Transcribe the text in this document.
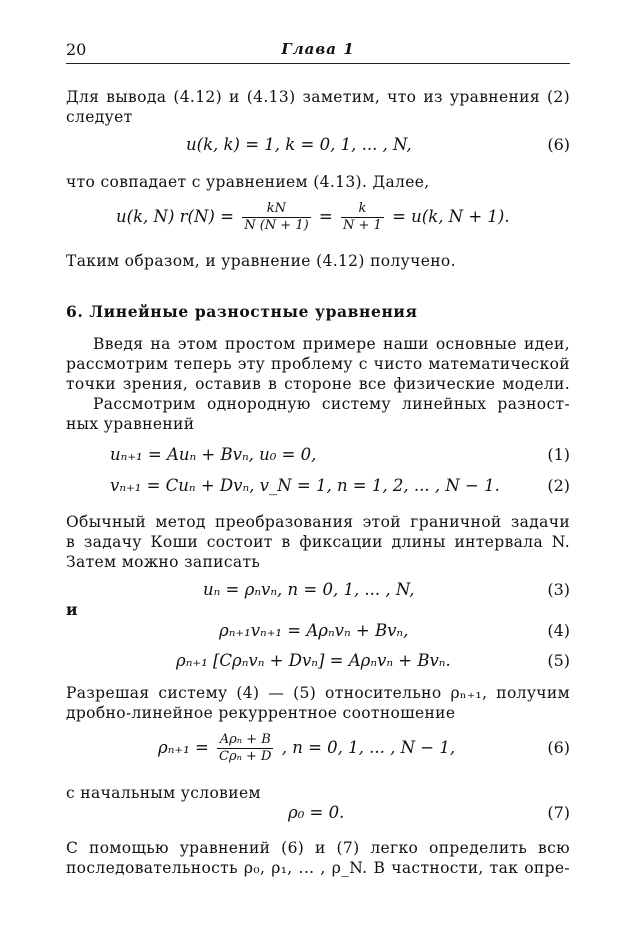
20	Глава 1
Для вывода (4.12) и (4.13) заметим, что из уравнения (2)
следует
u(k, k) = 1, k = 0, 1, ... , N,	(6)
что совпадает с уравнением (4.13). Далее,
u(k, N) $r(N) = \frac{kN}{N (N + 1)} = \frac{k}{N + 1} = u(k$, N + 1).
Таким образом, и уравнение (4.12) получено.
6. Линейные разностные уравнения
Введя на этом простом примере наши основные идеи,
рассмотрим теперь эту проблему с чисто математической
точки зрения, оставив в стороне все физические модели.
Рассмотрим однородную систему линейных разност-
ных уравнений
uₙ₊₁ = Auₙ + Bvₙ, u₀ = 0,	(1)
vₙ₊₁ = Cuₙ + Dvₙ, v_N = 1, n = 1, 2, ... , N − 1.	(2)
Обычный метод преобразования этой граничной задачи
в задачу Коши состоит в фиксации длины интервала N.
Затем можно записать
uₙ = ρₙvₙ, n = 0, 1, ... , N,	(3)
и
ρₙ₊₁vₙ₊₁ = Aρₙvₙ + Bvₙ,	(4)
ρₙ₊₁ [Cρₙvₙ + Dvₙ] = Aρₙvₙ + Bvₙ.	(5)
Разрешая систему (4) — (5) относительно ρₙ₊₁, получим
дробно-линейное рекуррентное соотношение
$\rho_{n+1} = \frac{\text{Aρₙ + B}}{\text{Cρₙ + D}}$ , n = 0, 1, ... , N − 1,	(6)
с начальным условием
ρ₀ = 0.	(7)
С помощью уравнений (6) и (7) легко определить всю
последовательность ρ₀, ρ₁, ... , ρ_N. В частности, так опре-
